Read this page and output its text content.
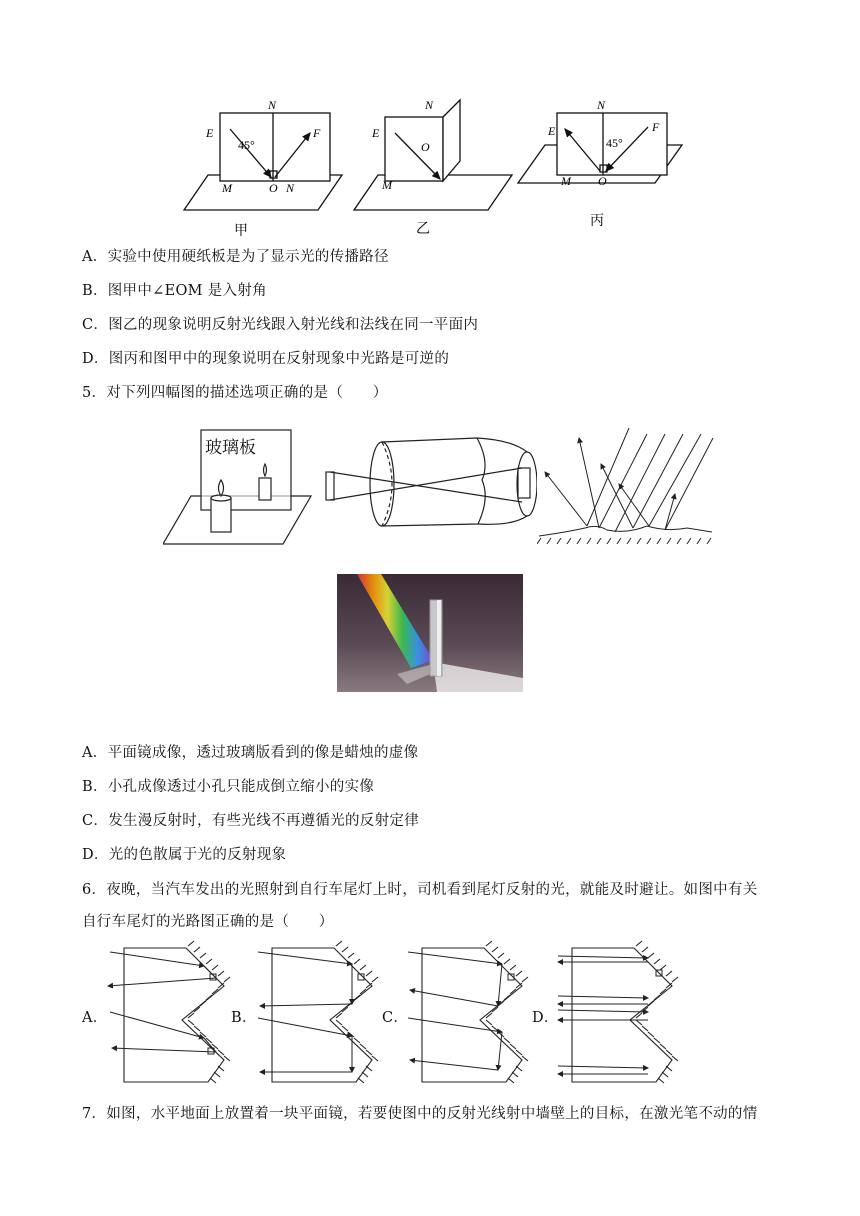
N
E	F
45°
M	O N
甲
N
E
O
M
乙
N
E	F
45°
M O
丙
A．实验中使用硬纸板是为了显示光的传播路径
B．图甲中∠EOM 是入射角
C．图乙的现象说明反射光线跟入射光线和法线在同一平面内
D．图丙和图甲中的现象说明在反射现象中光路是可逆的
5．对下列四幅图的描述选项正确的是（　　）
玻璃板
A．平面镜成像，透过玻璃版看到的像是蜡烛的虚像
B．小孔成像透过小孔只能成倒立缩小的实像
C．发生漫反射时，有些光线不再遵循光的反射定律
D．光的色散属于光的反射现象
6．夜晚，当汽车发出的光照射到自行车尾灯上时，司机看到尾灯反射的光，就能及时避让。如图中有关
自行车尾灯的光路图正确的是（　　）
A．	B．	C．	D．
7．如图，水平地面上放置着一块平面镜，若要使图中的反射光线射中墙壁上的目标，在激光笔不动的情
